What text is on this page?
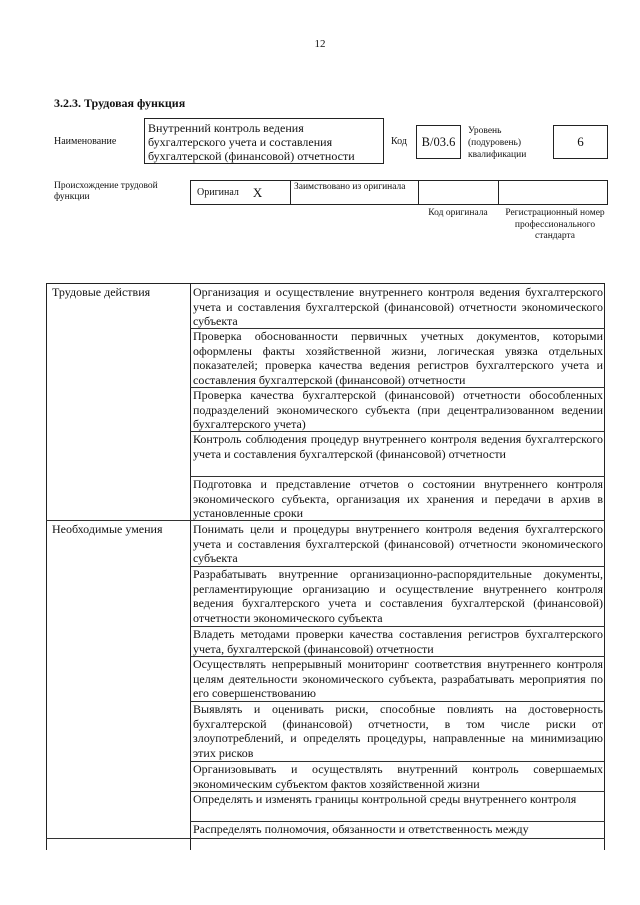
12
3.2.3. Трудовая функция
Наименование
Внутренний контроль ведения бухгалтерского учета и составления бухгалтерской (финансовой) отчетности
Код	B/03.6
Уровень (подуровень) квалификации
6
Происхождение трудовой функции	Оригинал X	Заимствовано из оригинала
Код оригинала	Регистрационный номер профессионального стандарта
Трудовые действия	Организация и осуществление внутреннего контроля ведения бухгалтерского учета и составления бухгалтерской (финансовой) отчетности экономического субъекта
Проверка обоснованности первичных учетных документов, которыми оформлены факты хозяйственной жизни, логическая увязка отдельных показателей; проверка качества ведения регистров бухгалтерского учета и составления бухгалтерской (финансовой) отчетности
Проверка качества бухгалтерской (финансовой) отчетности обособленных подразделений экономического субъекта (при децентрализованном ведении бухгалтерского учета)
Контроль соблюдения процедур внутреннего контроля ведения бухгалтерского учета и составления бухгалтерской (финансовой) отчетности
Подготовка и представление отчетов о состоянии внутреннего контроля экономического субъекта, организация их хранения и передачи в архив в установленные сроки
Необходимые умения	Понимать цели и процедуры внутреннего контроля ведения бухгалтерского учета и составления бухгалтерской (финансовой) отчетности экономического субъекта
Разрабатывать внутренние организационно-распорядительные документы, регламентирующие организацию и осуществление внутреннего контроля ведения бухгалтерского учета и составления бухгалтерской (финансовой) отчетности экономического субъекта
Владеть методами проверки качества составления регистров бухгалтерского учета, бухгалтерской (финансовой) отчетности
Осуществлять непрерывный мониторинг соответствия внутреннего контроля целям деятельности экономического субъекта, разрабатывать мероприятия по его совершенствованию
Выявлять и оценивать риски, способные повлиять на достоверность бухгалтерской (финансовой) отчетности, в том числе риски от злоупотреблений, и определять процедуры, направленные на минимизацию этих рисков
Организовывать и осуществлять внутренний контроль совершаемых экономическим субъектом фактов хозяйственной жизни
Определять и изменять границы контрольной среды внутреннего контроля
Распределять полномочия, обязанности и ответственность между
